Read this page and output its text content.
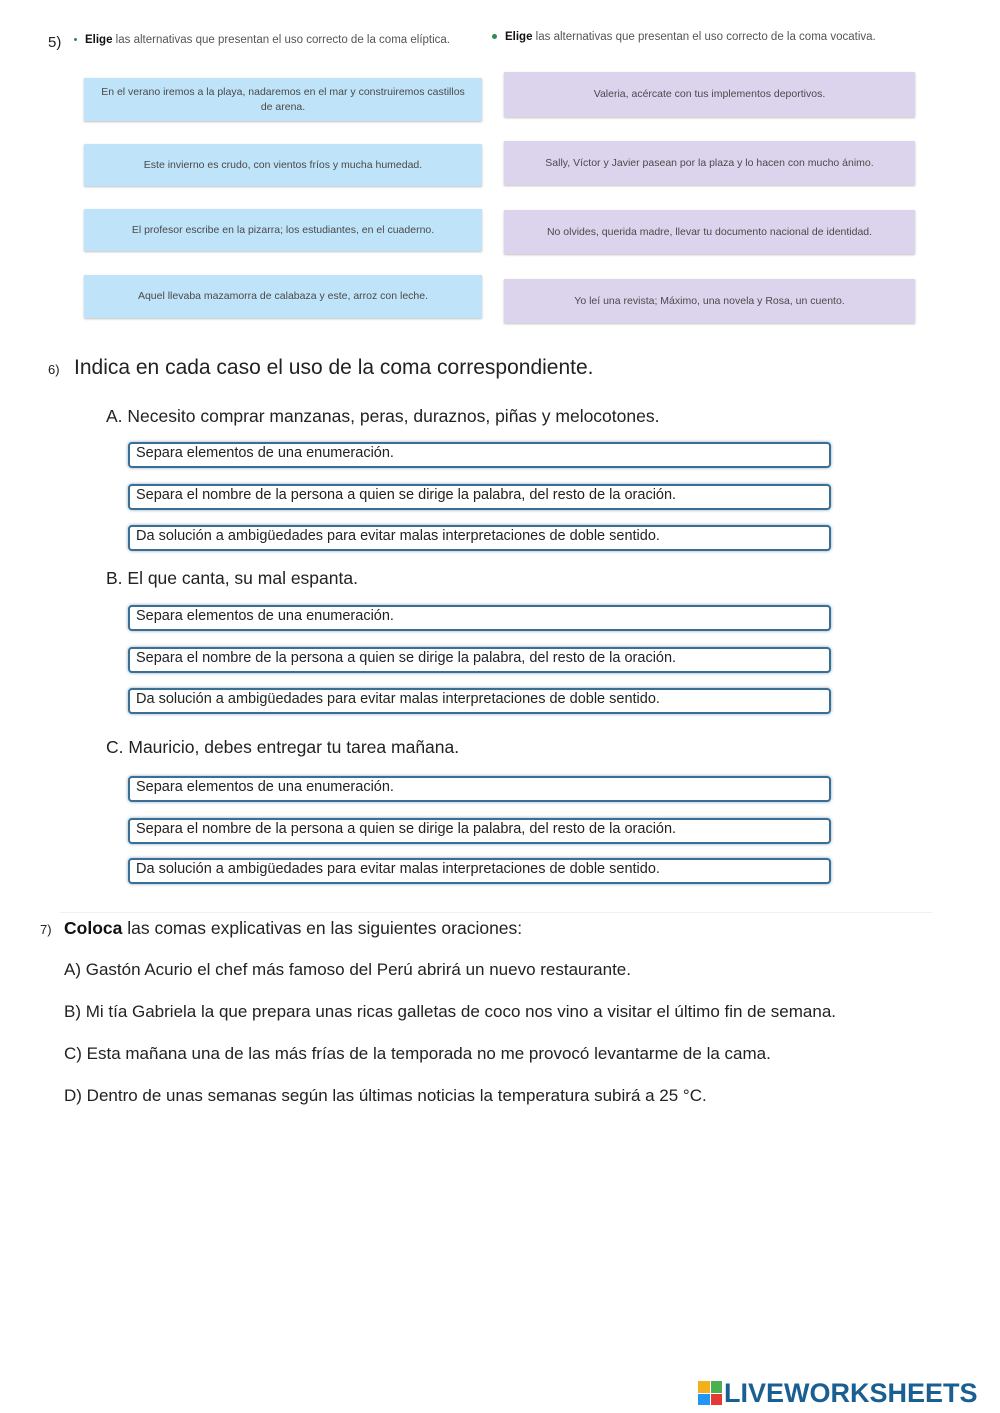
5)	Elige las alternativas que presentan el uso correcto de la coma elíptica.	Elige las alternativas que presentan el uso correcto de la coma vocativa.
En el verano iremos a la playa, nadaremos en el mar y construiremos castillos de arena.
Este invierno es crudo, con vientos fríos y mucha humedad.
El profesor escribe en la pizarra; los estudiantes, en el cuaderno.
Aquel llevaba mazamorra de calabaza y este, arroz con leche.
Valeria, acércate con tus implementos deportivos.
Sally, Víctor y Javier pasean por la plaza y lo hacen con mucho ánimo.
No olvides, querida madre, llevar tu documento nacional de identidad.
Yo leí una revista; Máximo, una novela y Rosa, un cuento.
6) Indica en cada caso el uso de la coma correspondiente.
A. Necesito comprar manzanas, peras, duraznos, piñas y melocotones.
Separa elementos de una enumeración.
Separa el nombre de la persona a quien se dirige la palabra, del resto de la oración.
Da solución a ambigüedades para evitar malas interpretaciones de doble sentido.
B. El que canta, su mal espanta.
Separa elementos de una enumeración.
Separa el nombre de la persona a quien se dirige la palabra, del resto de la oración.
Da solución a ambigüedades para evitar malas interpretaciones de doble sentido.
C. Mauricio, debes entregar tu tarea mañana.
Separa elementos de una enumeración.
Separa el nombre de la persona a quien se dirige la palabra, del resto de la oración.
Da solución a ambigüedades para evitar malas interpretaciones de doble sentido.
7) Coloca las comas explicativas en las siguientes oraciones:
A) Gastón Acurio el chef más famoso del Perú abrirá un nuevo restaurante.
B) Mi tía Gabriela la que prepara unas ricas galletas de coco nos vino a visitar el último fin de semana.
C) Esta mañana una de las más frías de la temporada no me provocó levantarme de la cama.
D) Dentro de unas semanas según las últimas noticias la temperatura subirá a 25 °C.
LIVEWORKSHEETS
